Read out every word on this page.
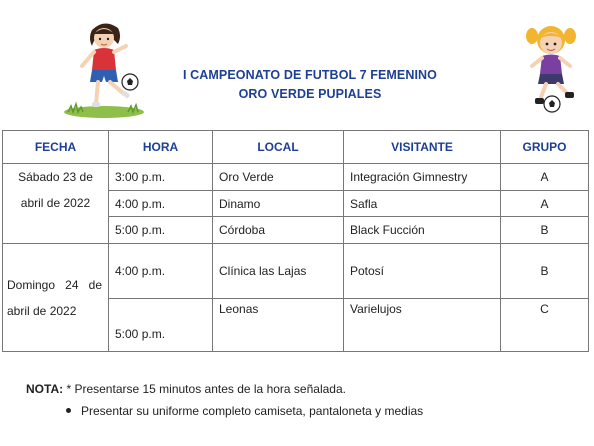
I CAMPEONATO DE FUTBOL 7 FEMENINO
ORO VERDE PUPIALES
FECHA	HORA	LOCAL	VISITANTE	GRUPO
Sábado 23 de abril de 2022	3:00 p.m.	Oro Verde	Integración Gimnestry	A
	4:00 p.m.	Dinamo	Safla	A
	5:00 p.m.	Córdoba	Black Fucción	B
Domingo 24 de abril de 2022	4:00 p.m.	Clínica las Lajas	Potosí	B
	5:00 p.m.	Leonas	Varielujos	C
NOTA: * Presentarse 15 minutos antes de la hora señalada.
Presentar su uniforme completo camiseta, pantaloneta y medias
